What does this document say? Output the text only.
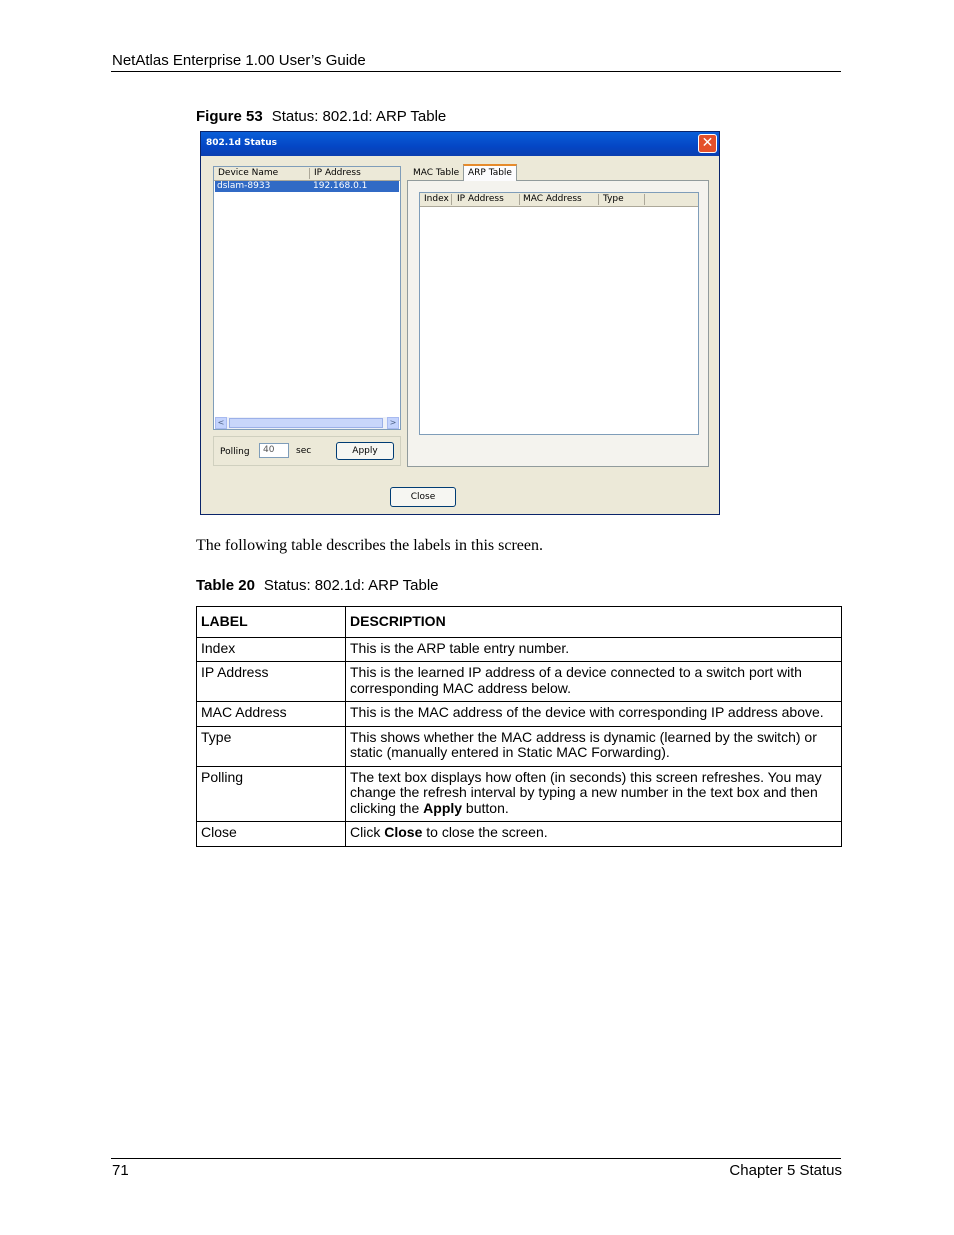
NetAtlas Enterprise 1.00 User’s Guide
Figure 53 Status: 802.1d: ARP Table
802.1d Status	✕
Device Name	IP Address
dslam-8933	192.168.0.1
<	>
Polling	40	sec	Apply
MAC Table ARP Table
Index IP Address MAC Address Type
Close
The following table describes the labels in this screen.
Table 20 Status: 802.1d: ARP Table
LABEL	DESCRIPTION
Index	This is the ARP table entry number.
IP Address	This is the learned IP address of a device connected to a switch port with corresponding MAC address below.
MAC Address	This is the MAC address of the device with corresponding IP address above.
Type	This shows whether the MAC address is dynamic (learned by the switch) or static (manually entered in Static MAC Forwarding).
Polling	The text box displays how often (in seconds) this screen refreshes. You may change the refresh interval by typing a new number in the text box and then clicking the Apply button.
Close	Click Close to close the screen.
71	Chapter 5 Status
